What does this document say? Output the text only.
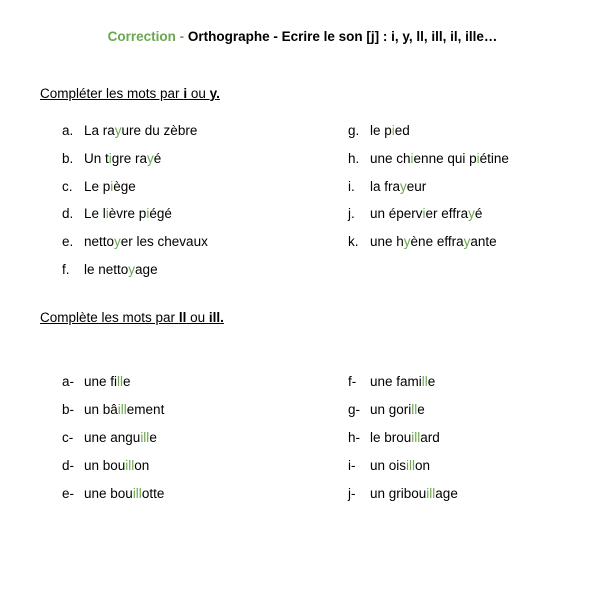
Correction - Orthographe - Ecrire le son [j] : i, y, ll, ill, il, ille…
Compléter les mots par i ou y.
Complète les mots par ll ou ill.
a. La rayure du zèbre
b. Un tigre rayé
c. Le piège
d. Le lièvre piégé
e. nettoyer les chevaux
f. le nettoyage
g. le pied
h. une chienne qui piétine
i. la frayeur
j. un épervier effrayé
k. une hyène effrayante
a- une fille
b- un bâillement
c- une anguille
d- un bouillon
e- une bouillotte
f- une famille
g- un gorille
h- le brouillard
i- un oisillon
j- un gribouillage
